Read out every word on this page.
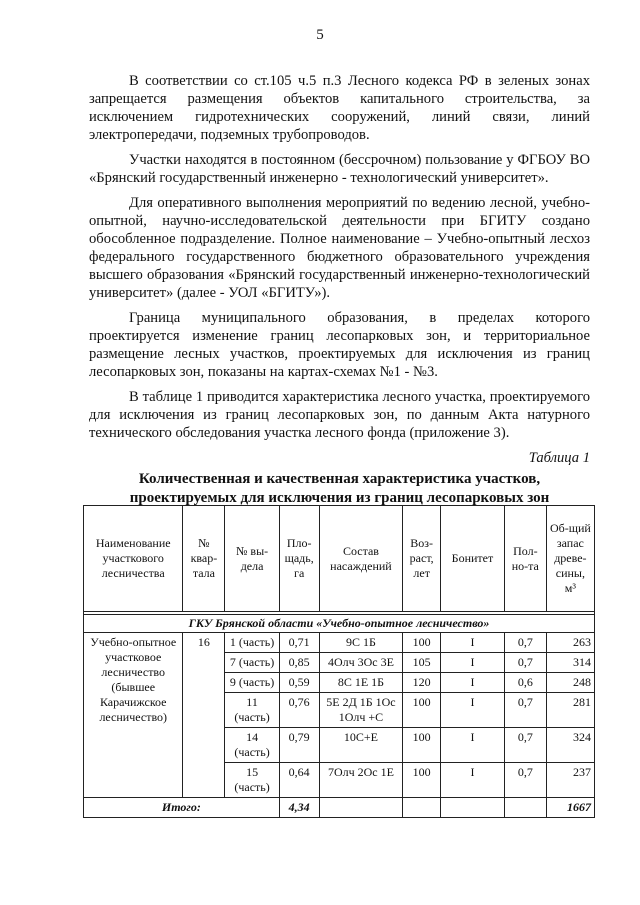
5

В соответствии со ст.105 ч.5 п.3 Лесного кодекса РФ в зеленых зонах запрещается размещения объектов капитального строительства, за исключением гидротехнических сооружений, линий связи, линий электропередачи, подземных трубопроводов.

Участки находятся в постоянном (бессрочном) пользование у ФГБОУ ВО «Брянский государственный инженерно - технологический университет».

Для оперативного выполнения мероприятий по ведению лесной, учебно-опытной, научно-исследовательской деятельности при БГИТУ создано обособленное подразделение. Полное наименование – Учебно-опытный лесхоз федерального государственного бюджетного образовательного учреждения высшего образования «Брянский государственный инженерно-технологический университет» (далее - УОЛ «БГИТУ»).

Граница муниципального образования, в пределах которого проектируется изменение границ лесопарковых зон, и территориальное размещение лесных участков, проектируемых для исключения из границ лесопарковых зон, показаны на картах-схемах №1 - №3.

В таблице 1 приводится характеристика лесного участка, проектируемого для исключения из границ лесопарковых зон, по данным Акта натурного технического обследования участка лесного фонда (приложение 3).

Таблица 1
Количественная и качественная характеристика участков, проектируемых для исключения из границ лесопарковых зон
Наименование участкового лесничества	№ квар-тала	№ вы-дела	Пло-щадь, га	Состав насаждений	Воз-раст, лет	Бонитет	Пол-но-та	Об-щий запас древе-сины, м³

ГКУ Брянской области «Учебно-опытное лесничество»								
Учебно-опытное участковое лесничество (бывшее Карачижское лесничество)	16	1 (часть)	0,71	9С 1Б	100	I	0,7	263
		7 (часть)	0,85	4Олч 3Ос 3Е	105	I	0,7	314
		9 (часть)	0,59	8С 1Е 1Б	120	I	0,6	248
		11 (часть)	0,76	5Е 2Д 1Б 1Ос 1Олч +С	100	I	0,7	281
		14 (часть)	0,79	10С+Е	100	I	0,7	324
		15 (часть)	0,64	7Олч 2Ос 1Е	100	I	0,7	237
Итого:			4,34					1667
